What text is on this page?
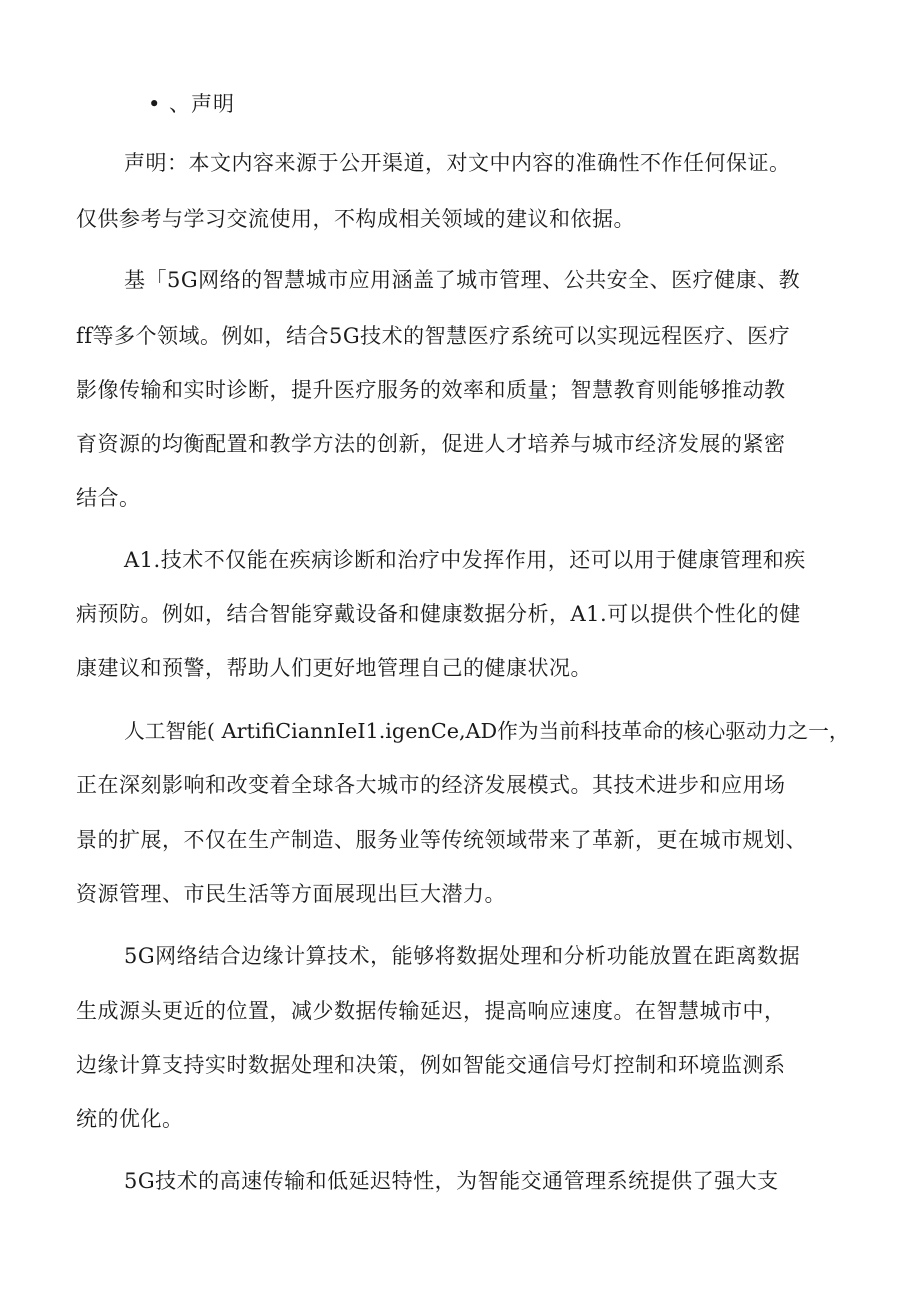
• 、声明
声明：本文内容来源于公开渠道，对文中内容的准确性不作任何保证。
仅供参考与学习交流使用，不构成相关领域的建议和依据。
基「5G网络的智慧城市应用涵盖了城市管理、公共安全、医疗健康、教
ff等多个领域。例如，结合5G技术的智慧医疗系统可以实现远程医疗、医疗
影像传输和实时诊断，提升医疗服务的效率和质量；智慧教育则能够推动教
育资源的均衡配置和教学方法的创新，促进人才培养与城市经济发展的紧密
结合。
A1.技术不仅能在疾病诊断和治疗中发挥作用，还可以用于健康管理和疾
病预防。例如，结合智能穿戴设备和健康数据分析，A1.可以提供个性化的健
康建议和预警，帮助人们更好地管理自己的健康状况。
人工智能( ArtifiCiannIeI1.igenCe,AD作为当前科技革命的核心驱动力之一，
正在深刻影响和改变着全球各大城市的经济发展模式。其技术进步和应用场
景的扩展，不仅在生产制造、服务业等传统领域带来了革新，更在城市规划、
资源管理、市民生活等方面展现出巨大潜力。
5G网络结合边缘计算技术，能够将数据处理和分析功能放置在距离数据
生成源头更近的位置，减少数据传输延迟，提高响应速度。在智慧城市中，
边缘计算支持实时数据处理和决策，例如智能交通信号灯控制和环境监测系
统的优化。
5G技术的高速传输和低延迟特性，为智能交通管理系统提供了强大支
